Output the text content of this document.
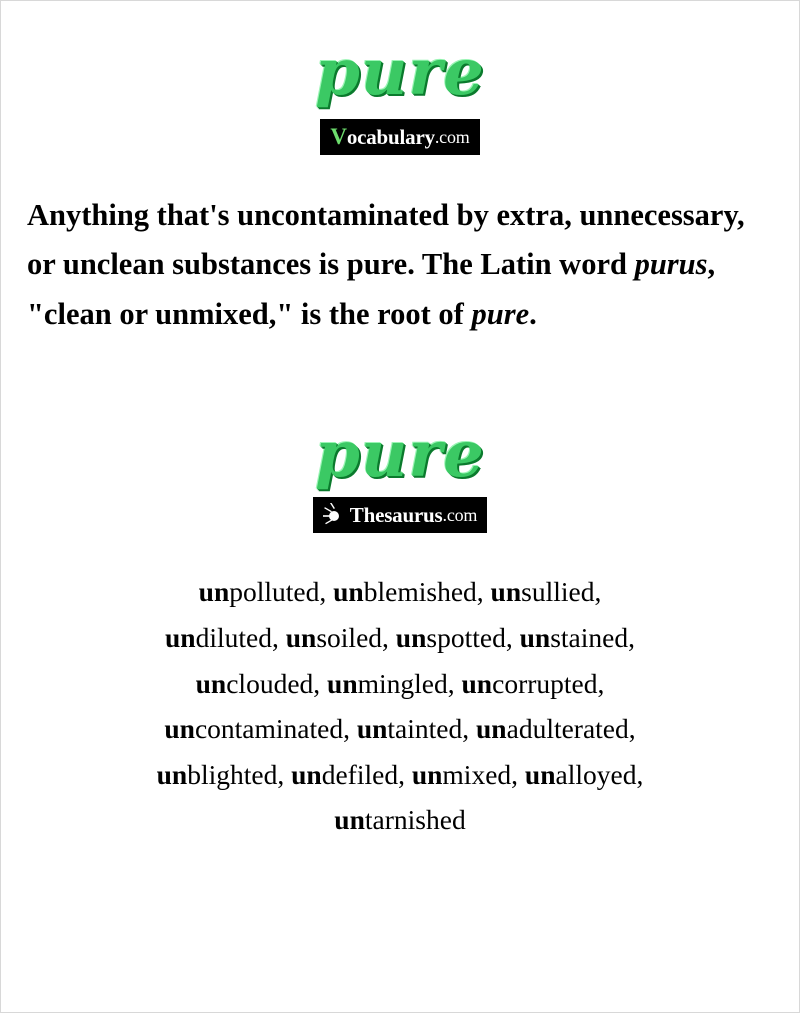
pure
V ocabulary .com
Anything that's uncontaminated by extra, unnecessary, or unclean substances is pure. The Latin word purus, "clean or unmixed," is the root of pure.
pure
Thesaurus .com
unpolluted, unblemished, unsullied,
undiluted, unsoiled, unspotted, unstained,
unclouded, unmingled, uncorrupted,
uncontaminated, untainted, unadulterated,
unblighted, undefiled, unmixed, unalloyed,
untarnished
